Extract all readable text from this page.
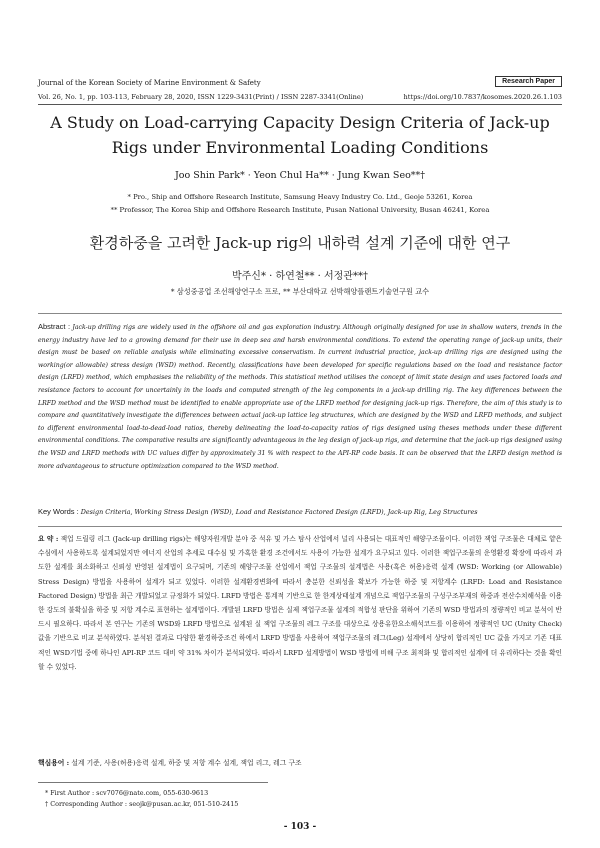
Journal of the Korean Society of Marine Environment & Safety	Research Paper
Vol. 26, No. 1, pp. 103-113, February 28, 2020, ISSN 1229-3431(Print) / ISSN 2287-3341(Online)	https://doi.org/10.7837/kosomes.2020.26.1.103
A Study on Load-carrying Capacity Design Criteria of Jack-up Rigs under Environmental Loading Conditions
Joo Shin Park* · Yeon Chul Ha** · Jung Kwan Seo**†
* Pro., Ship and Offshore Research Institute, Samsung Heavy Industry Co. Ltd., Geoje 53261, Korea
** Professor, The Korea Ship and Offshore Research Institute, Pusan National University, Busan 46241, Korea
환경하중을 고려한 Jack-up rig의 내하력 설계 기준에 대한 연구
박주신* · 하연철** · 서정관**†
* 삼성중공업 조선해양연구소 프로, ** 부산대학교 선박해양플랜트기술연구원 교수
Abstract : Jack-up drilling rigs are widely used in the offshore oil and gas exploration industry. Although originally designed for use in shallow waters, trends in the energy industry have led to a growing demand for their use in deep sea and harsh environmental conditions. To extend the operating range of jack-up units, their design must be based on reliable analysis while eliminating excessive conservatism. In current industrial practice, jack-up drilling rigs are designed using the working(or allowable) stress design (WSD) method. Recently, classifications have been developed for specific regulations based on the load and resistance factor design (LRFD) method, which emphasises the reliability of the methods. This statistical method utilises the concept of limit state design and uses factored loads and resistance factors to account for uncertainly in the loads and computed strength of the leg components in a jack-up drilling rig. The key differences between the LRFD method and the WSD method must be identified to enable appropriate use of the LRFD method for designing jack-up rigs. Therefore, the aim of this study is to compare and quantitatively investigate the differences between actual jack-up lattice leg structures, which are designed by the WSD and LRFD methods, and subject to different environmental load-to-dead-load ratios, thereby delineating the load-to-capacity ratios of rigs designed using theses methods under these different environmental conditions. The comparative results are significantly advantageous in the leg design of jack-up rigs, and determine that the jack-up rigs designed using the WSD and LRFD methods with UC values differ by approximately 31 % with respect to the API-RP code basis. It can be observed that the LRFD design method is more advantageous to structure optimization compared to the WSD method.
Key Words : Design Criteria, Working Stress Design (WSD), Load and Resistance Factored Design (LRFD), Jack-up Rig, Leg Structures
요 약 : 잭업 드릴링 리그 (Jack-up drilling rigs)는 해양자원개발 분야 중 석유 및 가스 탐사 산업에서 널리 사용되는 대표적인 해양구조물이다. 이러한 잭업 구조물은 대체로 얕은 수심에서 사용하도록 설계되었지만 에너지 산업의 추세로 대수심 및 가혹한 환경 조건에서도 사용이 가능한 설계가 요구되고 있다. 이러한 잭업구조물의 운영환경 확장에 따라서 과도한 설계를 최소화하고 신뢰성 반영된 설계법이 요구되며, 기존의 해양구조물 산업에서 잭업 구조물의 설계법은 사용(혹은 허용)응력 설계 (WSD: Working (or Allowable) Stress Design) 방법을 사용하여 설계가 되고 있었다. 이러한 설계환경변화에 따라서 충분한 신뢰성을 확보가 가능한 하중 및 저항계수 (LRFD: Load and Resistance Factored Design) 방법을 최근 개발되었고 규정화가 되었다. LRFD 방법은 통계적 기반으로 한 한계상태설계 개념으로 잭업구조물의 구성구조부재의 하중과 전산수치해석을 이용한 강도의 불확실을 하중 및 저항 계수로 표현하는 설계법이다. 개발된 LRFD 방법은 실제 잭업구조물 설계의 적합성 판단을 위하여 기존의 WSD 방법과의 정량적인 비교 분석이 반드시 필요하다. 따라서 본 연구는 기존의 WSD와 LRFD 방법으로 설계된 실 잭업 구조물의 레그 구조를 대상으로 상용유한요소해석코드를 이용하여 정량적인 UC (Unity Check) 값을 기반으로 비교 분석하였다. 분석된 결과로 다양한 환경하중조건 하에서 LRFD 방법을 사용하여 잭업구조물의 레그(Leg) 설계에서 상당히 합리적인 UC 값을 가지고 기존 대표적인 WSD기법 중에 하나인 API-RP 코드 대비 약 31% 차이가 분석되었다. 따라서 LRFD 설계방법이 WSD 방법에 비해 구조 최적화 및 합리적인 설계에 더 유리하다는 것을 확인할 수 있었다.
핵심용어 : 설계 기준, 사용(허용)응력 설계, 하중 및 저항 계수 설계, 잭업 리그, 레그 구조
* First Author : scv7076@nate.com, 055-630-9613
† Corresponding Author : seojk@pusan.ac.kr, 051-510-2415
- 103 -
